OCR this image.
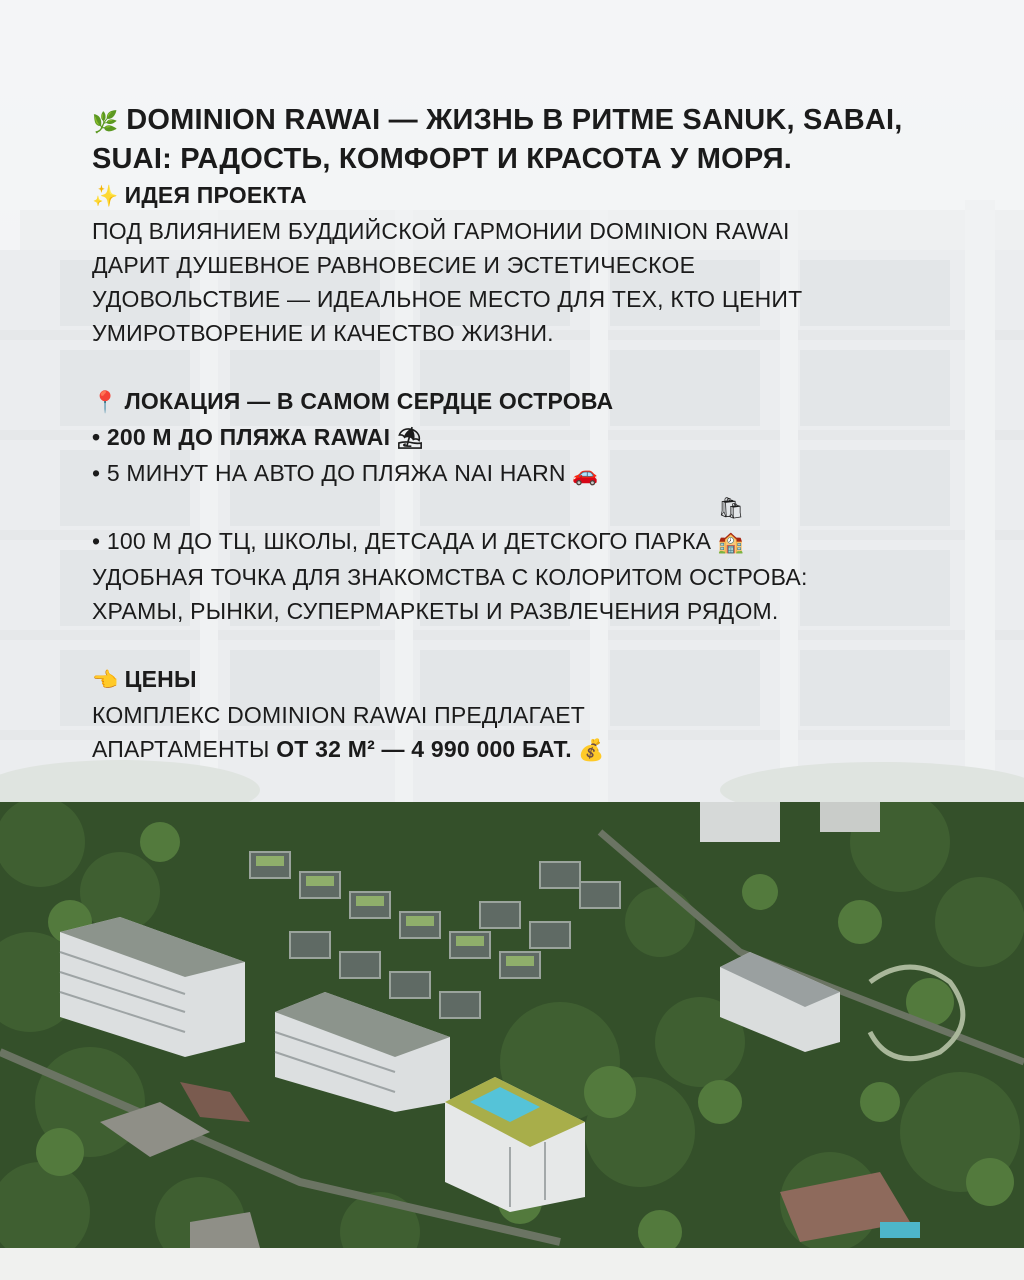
🌿 DOMINION RAWAI — ЖИЗНЬ В РИТМЕ SANUK, SABAI, SUAI: РАДОСТЬ, КОМФОРТ И КРАСОТА У МОРЯ.
✨ ИДЕЯ ПРОЕКТА
ПОД ВЛИЯНИЕМ БУДДИЙСКОЙ ГАРМОНИИ DOMINION RAWAI
ДАРИТ ДУШЕВНОЕ РАВНОВЕСИЕ И ЭСТЕТИЧЕСКОЕ
УДОВОЛЬСТВИЕ — ИДЕАЛЬНОЕ МЕСТО ДЛЯ ТЕХ, КТО ЦЕНИТ
УМИРОТВОРЕНИЕ И КАЧЕСТВО ЖИЗНИ.
📍 ЛОКАЦИЯ — В САМОМ СЕРДЦЕ ОСТРОВА
• 200 М ДО ПЛЯЖА RAWAI ⛱
• 5 МИНУТ НА АВТО ДО ПЛЯЖА NAI HARN 🚗
• 100 М ДО ТЦ, ШКОЛЫ, ДЕТСАДА И ДЕТСКОГО ПАРКА 🛍🏫
УДОБНАЯ ТОЧКА ДЛЯ ЗНАКОМСТВА С КОЛОРИТОМ ОСТРОВА:
ХРАМЫ, РЫНКИ, СУПЕРМАРКЕТЫ И РАЗВЛЕЧЕНИЯ РЯДОМ.
👈 ЦЕНЫ
КОМПЛЕКС DOMINION RAWAI ПРЕДЛАГАЕТ
АПАРТАМЕНТЫ ОТ 32 М² — 4 990 000 БАТ. 💰
